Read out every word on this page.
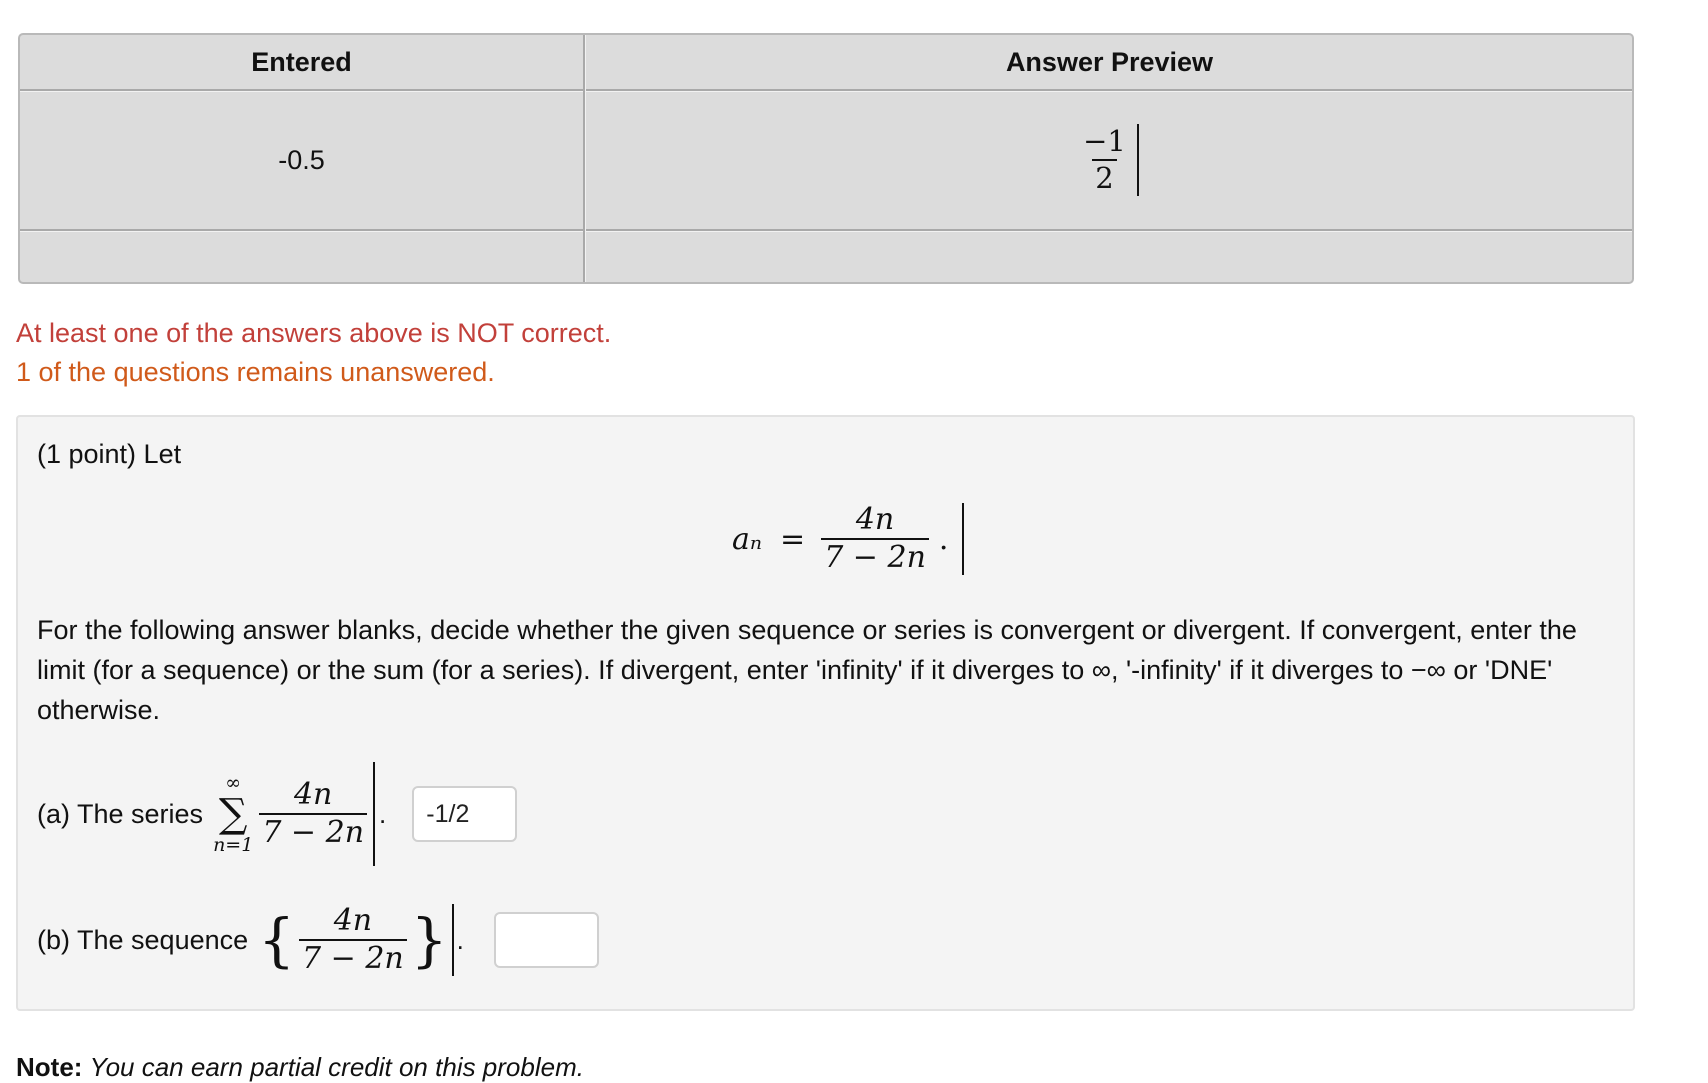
Entered	Answer Preview
-0.5	$\frac{-1}{2}$
At least one of the answers above is NOT correct.
1 of the questions remains unanswered.
(1 point) Let
$a_n = \frac{4n}{7 - 2n}$ .
For the following answer blanks, decide whether the given sequence or series is convergent or divergent. If convergent, enter the limit (for a sequence) or the sum (for a series). If divergent, enter 'infinity' if it diverges to ∞, '-infinity' if it diverges to −∞ or 'DNE' otherwise.
(a) The series
∞
∑
$n=1 \frac{4n}{7 - 2n}$ .	-1/2
(b) The sequence { $\frac{4n}{7 - 2n}$ } .
Note: You can earn partial credit on this problem.
